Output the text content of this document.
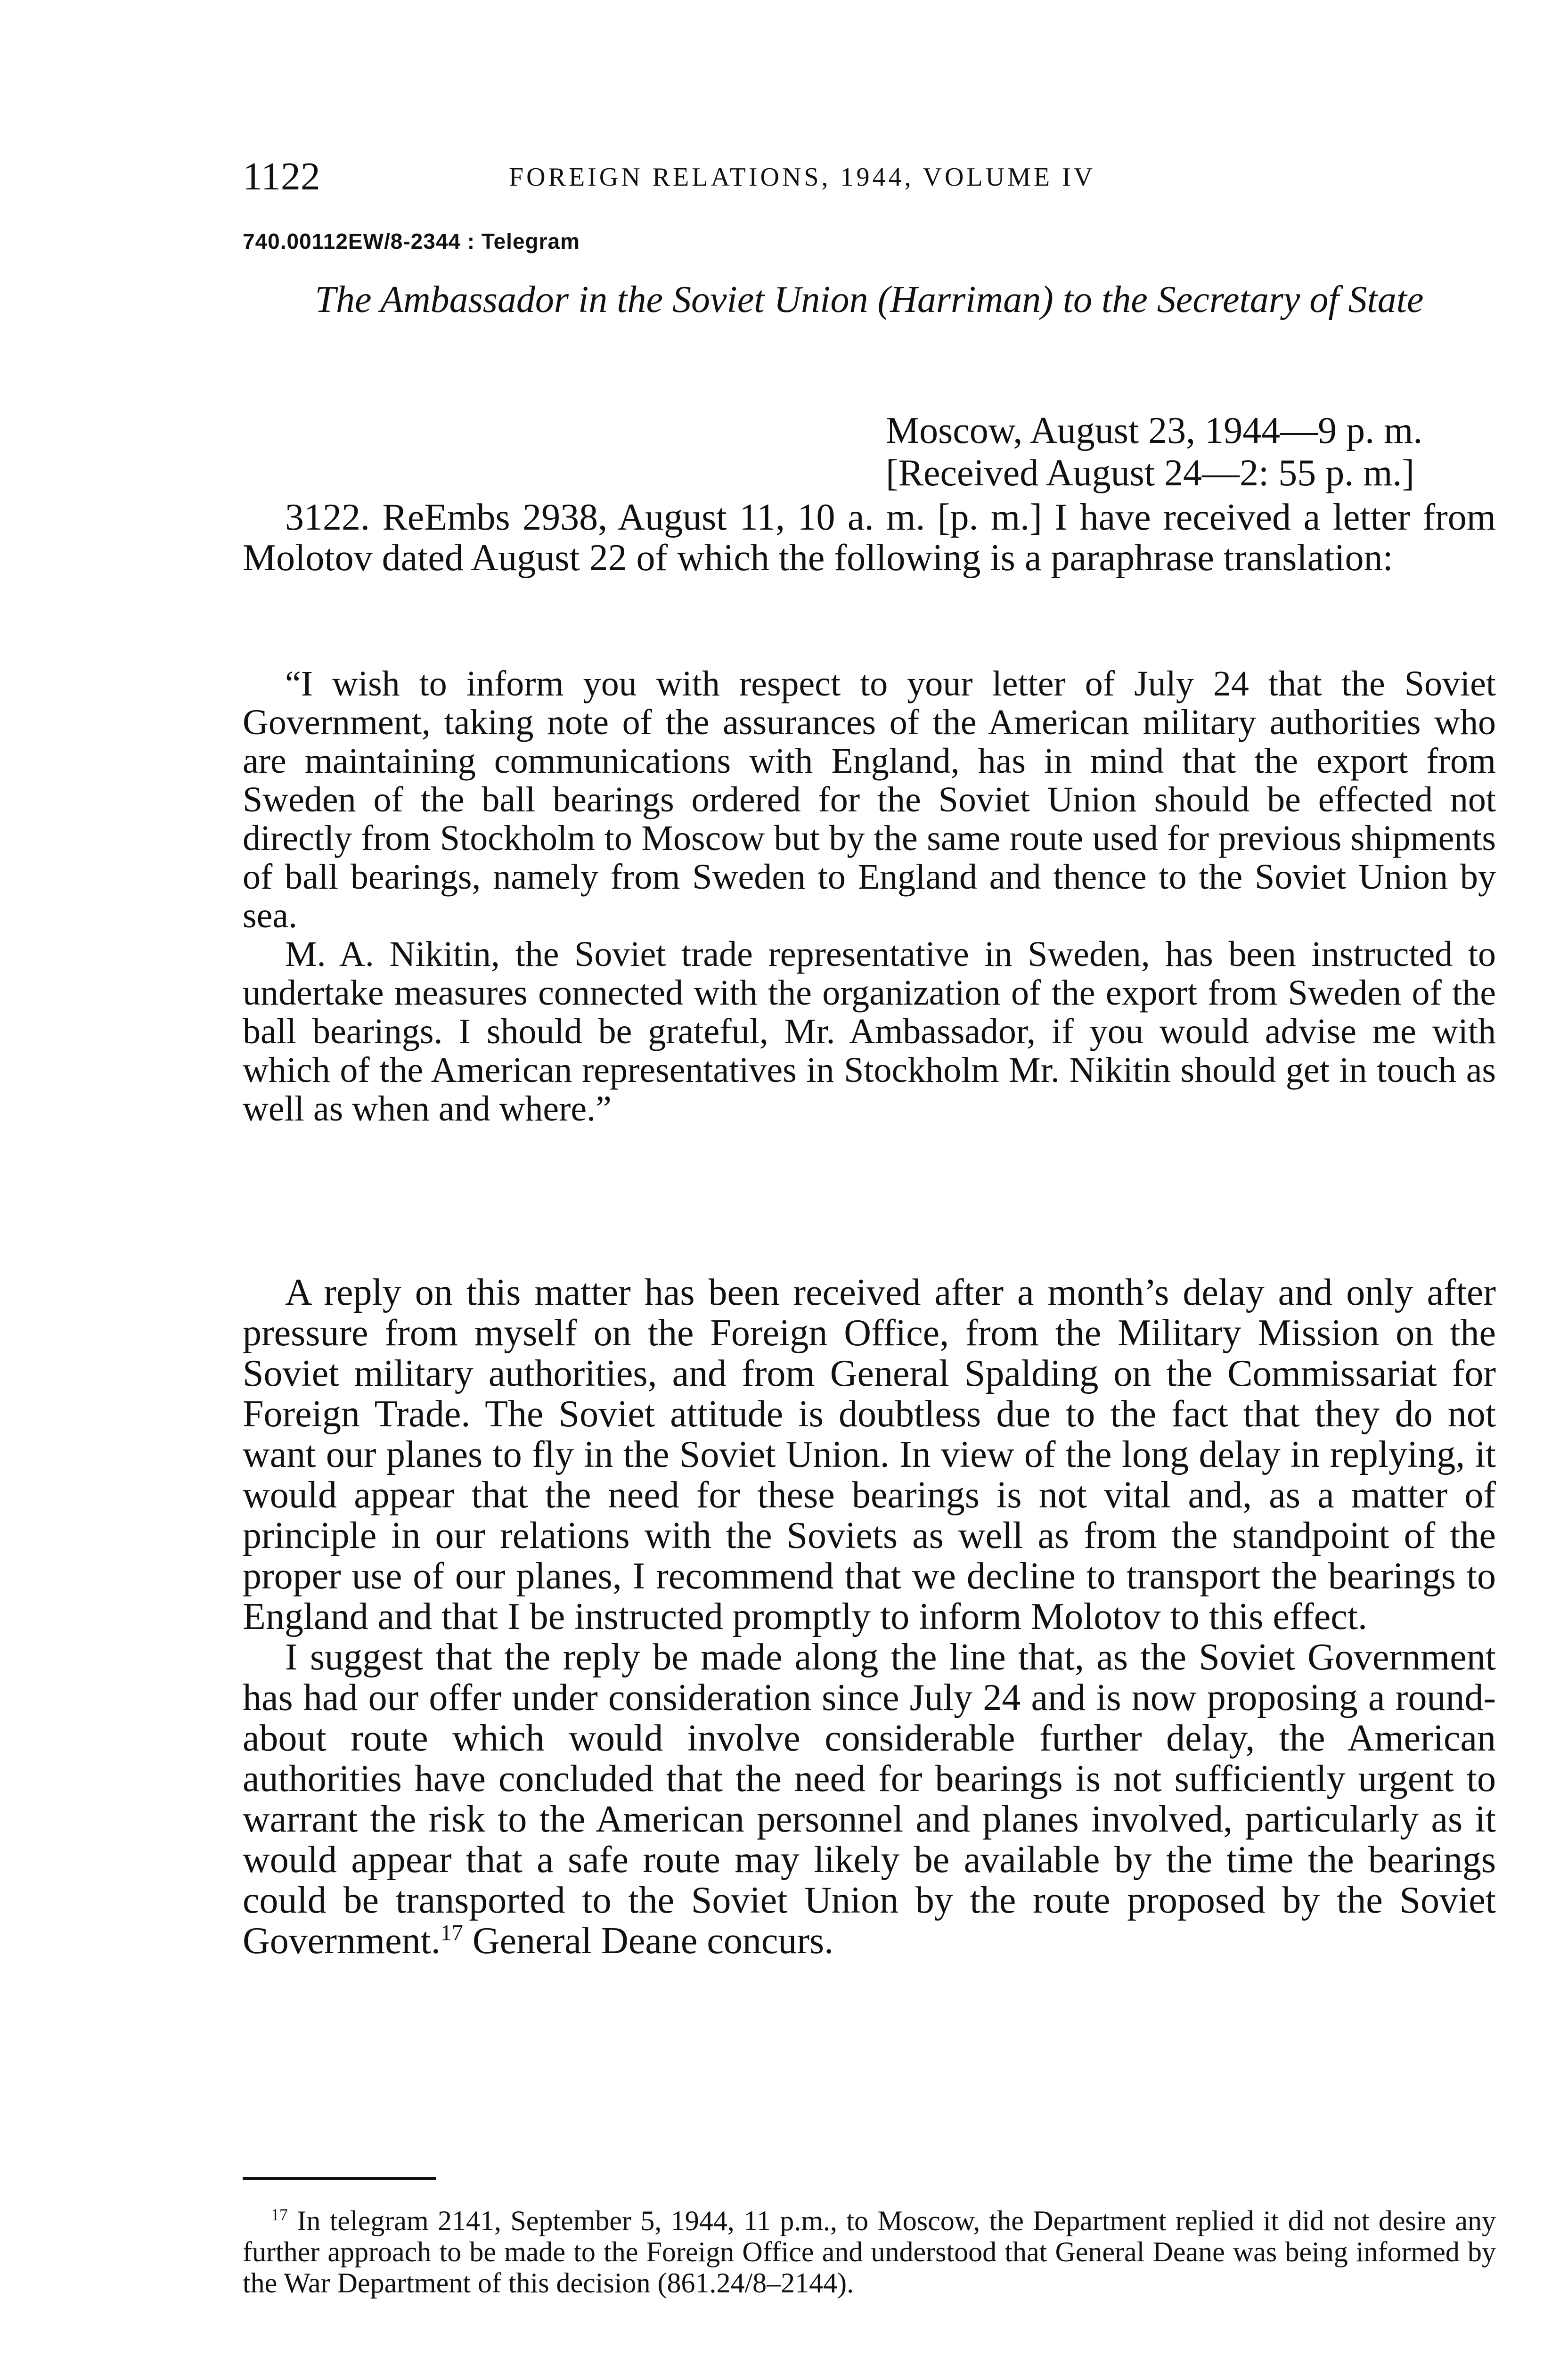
1122	FOREIGN RELATIONS, 1944, VOLUME IV
740.00112EW/8-2344 : Telegram
The Ambassador in the Soviet Union (Harriman) to the Secretary of State
Moscow, August 23, 1944—9 p. m.
[Received August 24—2: 55 p. m.]

3122. ReEmbs 2938, August 11, 10 a. m. [p. m.] I have received a letter from Molotov dated August 22 of which the following is a paraphrase translation:

“I wish to inform you with respect to your letter of July 24 that the Soviet Government, taking note of the assurances of the American military authorities who are maintaining communications with England, has in mind that the export from Sweden of the ball bearings ordered for the Soviet Union should be effected not directly from Stockholm to Moscow but by the same route used for previous shipments of ball bearings, namely from Sweden to England and thence to the Soviet Union by sea.

M. A. Nikitin, the Soviet trade representative in Sweden, has been instructed to undertake measures connected with the organization of the export from Sweden of the ball bearings. I should be grateful, Mr. Ambassador, if you would advise me with which of the American representatives in Stockholm Mr. Nikitin should get in touch as well as when and where.”

A reply on this matter has been received after a month’s delay and only after pressure from myself on the Foreign Office, from the Military Mission on the Soviet military authorities, and from General Spalding on the Commissariat for Foreign Trade. The Soviet attitude is doubtless due to the fact that they do not want our planes to fly in the Soviet Union. In view of the long delay in replying, it would appear that the need for these bearings is not vital and, as a matter of principle in our relations with the Soviets as well as from the standpoint of the proper use of our planes, I recommend that we decline to transport the bearings to England and that I be instructed promptly to inform Molotov to this effect.

I suggest that the reply be made along the line that, as the Soviet Government has had our offer under consideration since July 24 and is now proposing a round-about route which would involve considerable further delay, the American authorities have concluded that the need for bearings is not sufficiently urgent to warrant the risk to the American personnel and planes involved, particularly as it would appear that a safe route may likely be available by the time the bearings could be transported to the Soviet Union by the route proposed by the Soviet Government.$^{17}$ General Deane concurs.

$^{17}$ In telegram 2141, September 5, 1944, 11 p.m., to Moscow, the Department replied it did not desire any further approach to be made to the Foreign Office and understood that General Deane was being informed by the War Department of this decision (861.24/8–2144).
